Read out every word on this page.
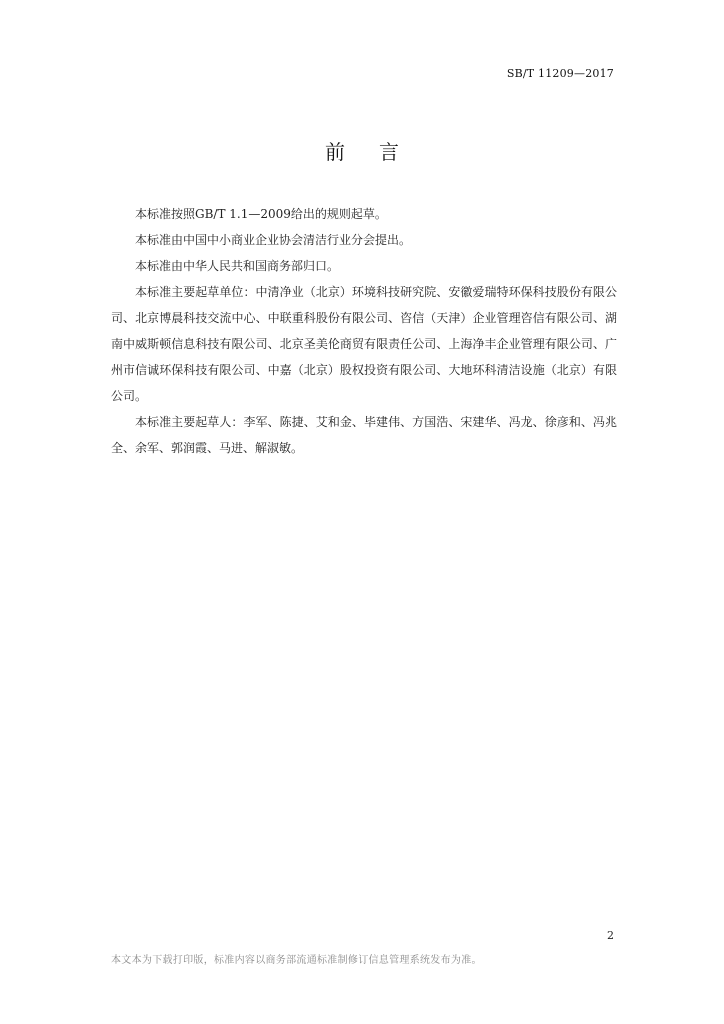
SB/T 11209—2017
前言

本标准按照GB/T 1.1—2009给出的规则起草。

本标准由中国中小商业企业协会清洁行业分会提出。

本标准由中华人民共和国商务部归口。

本标准主要起草单位：中清净业（北京）环境科技研究院、安徽爱瑞特环保科技股份有限公司、北京博晨科技交流中心、中联重科股份有限公司、咨信（天津）企业管理咨信有限公司、湖南中威斯顿信息科技有限公司、北京圣美伦商贸有限责任公司、上海净丰企业管理有限公司、广州市信诚环保科技有限公司、中嘉（北京）股权投资有限公司、大地环科清洁设施（北京）有限公司。

本标准主要起草人：李军、陈捷、艾和金、毕建伟、方国浩、宋建华、冯龙、徐彦和、冯兆全、余军、郭润霞、马进、解淑敏。

2
本文本为下载打印版，标准内容以商务部流通标准制修订信息管理系统发布为准。
